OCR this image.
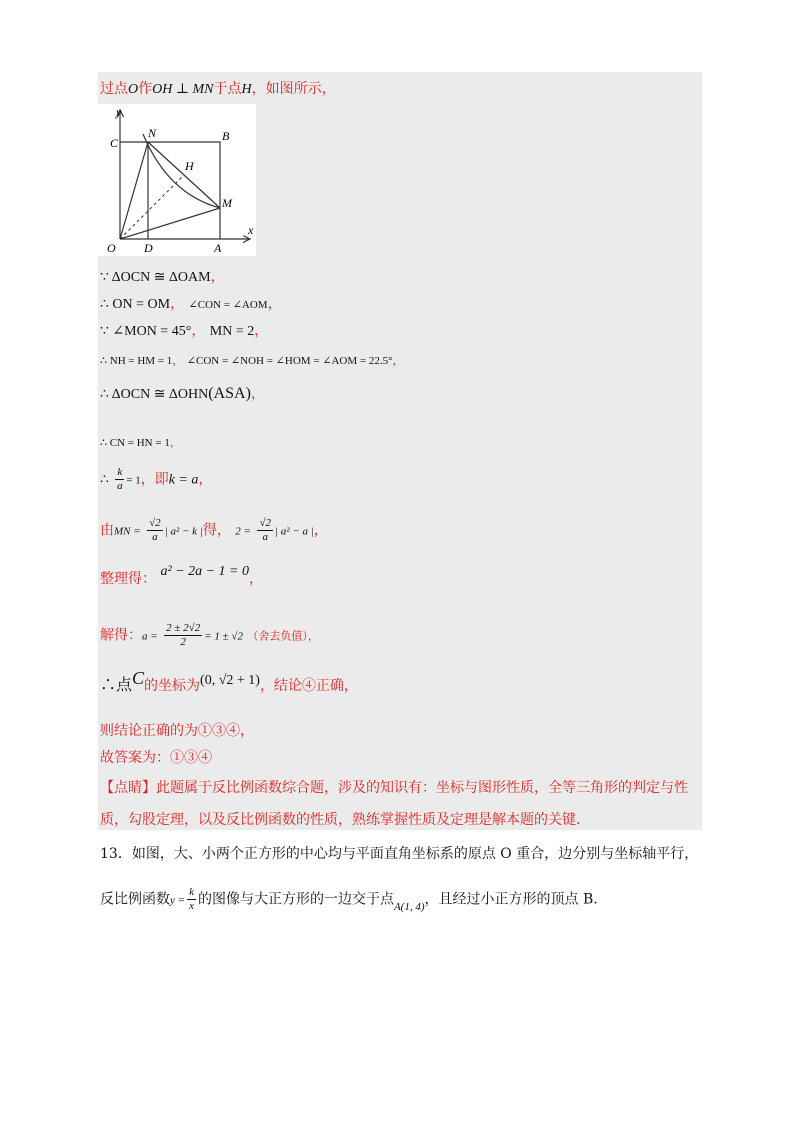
过点O作OH ⊥ MN于点H，如图所示，
y
x
C
N	B
H
M
O D	A
∵ ΔOCN ≅ ΔOAM，
∴ ON = OM， ∠CON = ∠AOM，
∵ ∠MON = 45°， MN = 2，
∴ NH = HM = 1， ∠CON = ∠NOH = ∠HOM = ∠AOM = 22.5°，
∴ ΔOCN ≅ ΔOHN(ASA)，
∴ CN = HN = 1，
∴ $\frac{k}{a} = 1$，即k = a，
由MN = $\frac{√2}{a}$ | a² − k |得， $2 = \frac{√2}{a}$ | a² − a |，
整理得： a² − 2a − 1 = 0，
解得：$a = \frac{2 \pm 2√2}{2} = 1 \pm √2$ （舍去负值），
∴点C的坐标为(0, √2 + 1)，结论④正确，
则结论正确的为①③④，
故答案为：①③④
【点睛】此题属于反比例函数综合题，涉及的知识有：坐标与图形性质，全等三角形的判定与性
质，勾股定理，以及反比例函数的性质，熟练掌握性质及定理是解本题的关键.
13．如图，大、小两个正方形的中心均与平面直角坐标系的原点 O 重合，边分别与坐标轴平行，
反比例函数$y = \frac{k}{x}$ 的图像与大正方形的一边交于点$_{A(1, 4)}$，且经过小正方形的顶点 B.
